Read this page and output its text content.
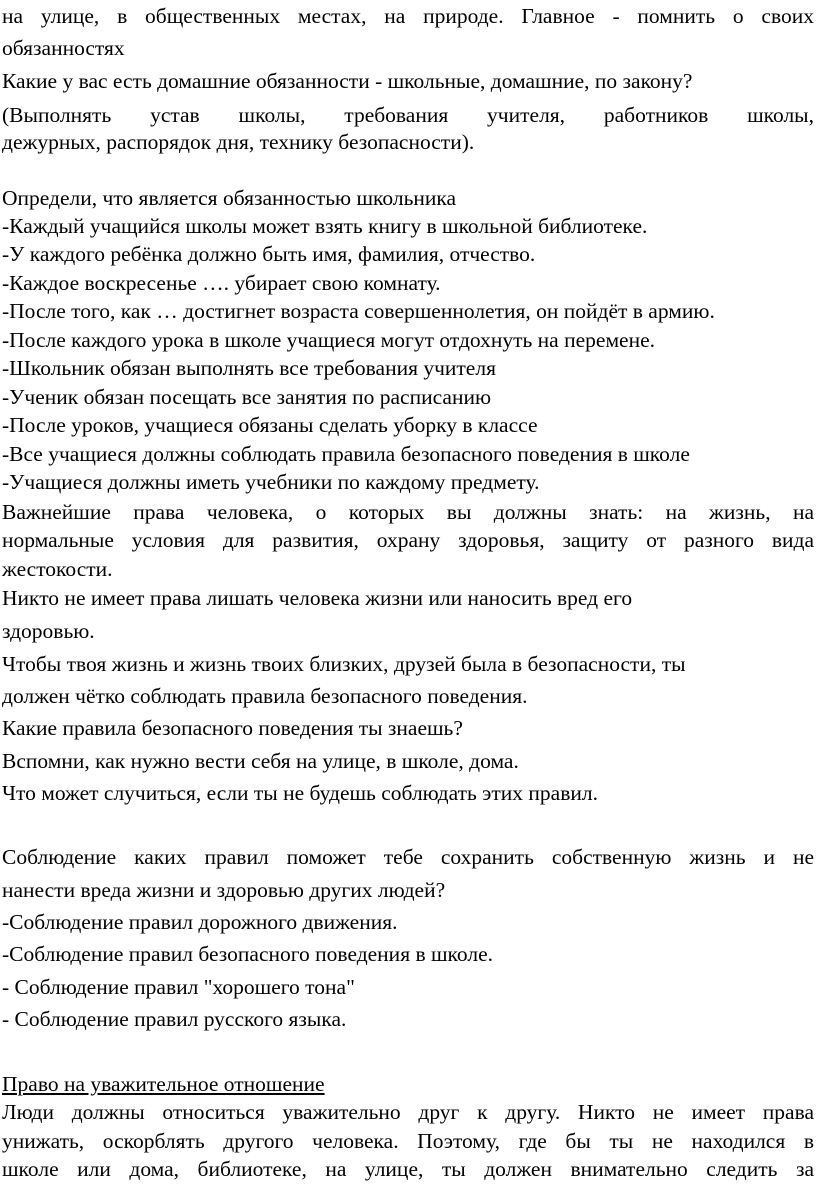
на улице, в общественных местах, на природе. Главное - помнить о своих
обязанностях
Какие у вас есть домашние обязанности - школьные, домашние, по закону?
(Выполнять устав школы, требования учителя, работников школы,
дежурных, распорядок дня, технику безопасности).
Определи, что является обязанностью школьника
-Каждый учащийся школы может взять книгу в школьной библиотеке.
-У каждого ребёнка должно быть имя, фамилия, отчество.
-Каждое воскресенье …. убирает свою комнату.
-После того, как … достигнет возраста совершеннолетия, он пойдёт в армию.
-После каждого урока в школе учащиеся могут отдохнуть на перемене.
-Школьник обязан выполнять все требования учителя
-Ученик обязан посещать все занятия по расписанию
-После уроков, учащиеся обязаны сделать уборку в классе
-Все учащиеся должны соблюдать правила безопасного поведения в школе
-Учащиеся должны иметь учебники по каждому предмету.
Важнейшие права человека, о которых вы должны знать: на жизнь, на
нормальные условия для развития, охрану здоровья, защиту от разного вида
жестокости.
Никто не имеет права лишать человека жизни или наносить вред его
здоровью.
Чтобы твоя жизнь и жизнь твоих близких, друзей была в безопасности, ты
должен чётко соблюдать правила безопасного поведения.
Какие правила безопасного поведения ты знаешь?
Вспомни, как нужно вести себя на улице, в школе, дома.
Что может случиться, если ты не будешь соблюдать этих правил.
Соблюдение каких правил поможет тебе сохранить собственную жизнь и не
нанести вреда жизни и здоровью других людей?
-Соблюдение правил дорожного движения.
-Соблюдение правил безопасного поведения в школе.
- Соблюдение правил "хорошего тона"
- Соблюдение правил русского языка.
Право на уважительное отношение
Люди должны относиться уважительно друг к другу. Никто не имеет права
унижать, оскорблять другого человека. Поэтому, где бы ты не находился в
школе или дома, библиотеке, на улице, ты должен внимательно следить за
